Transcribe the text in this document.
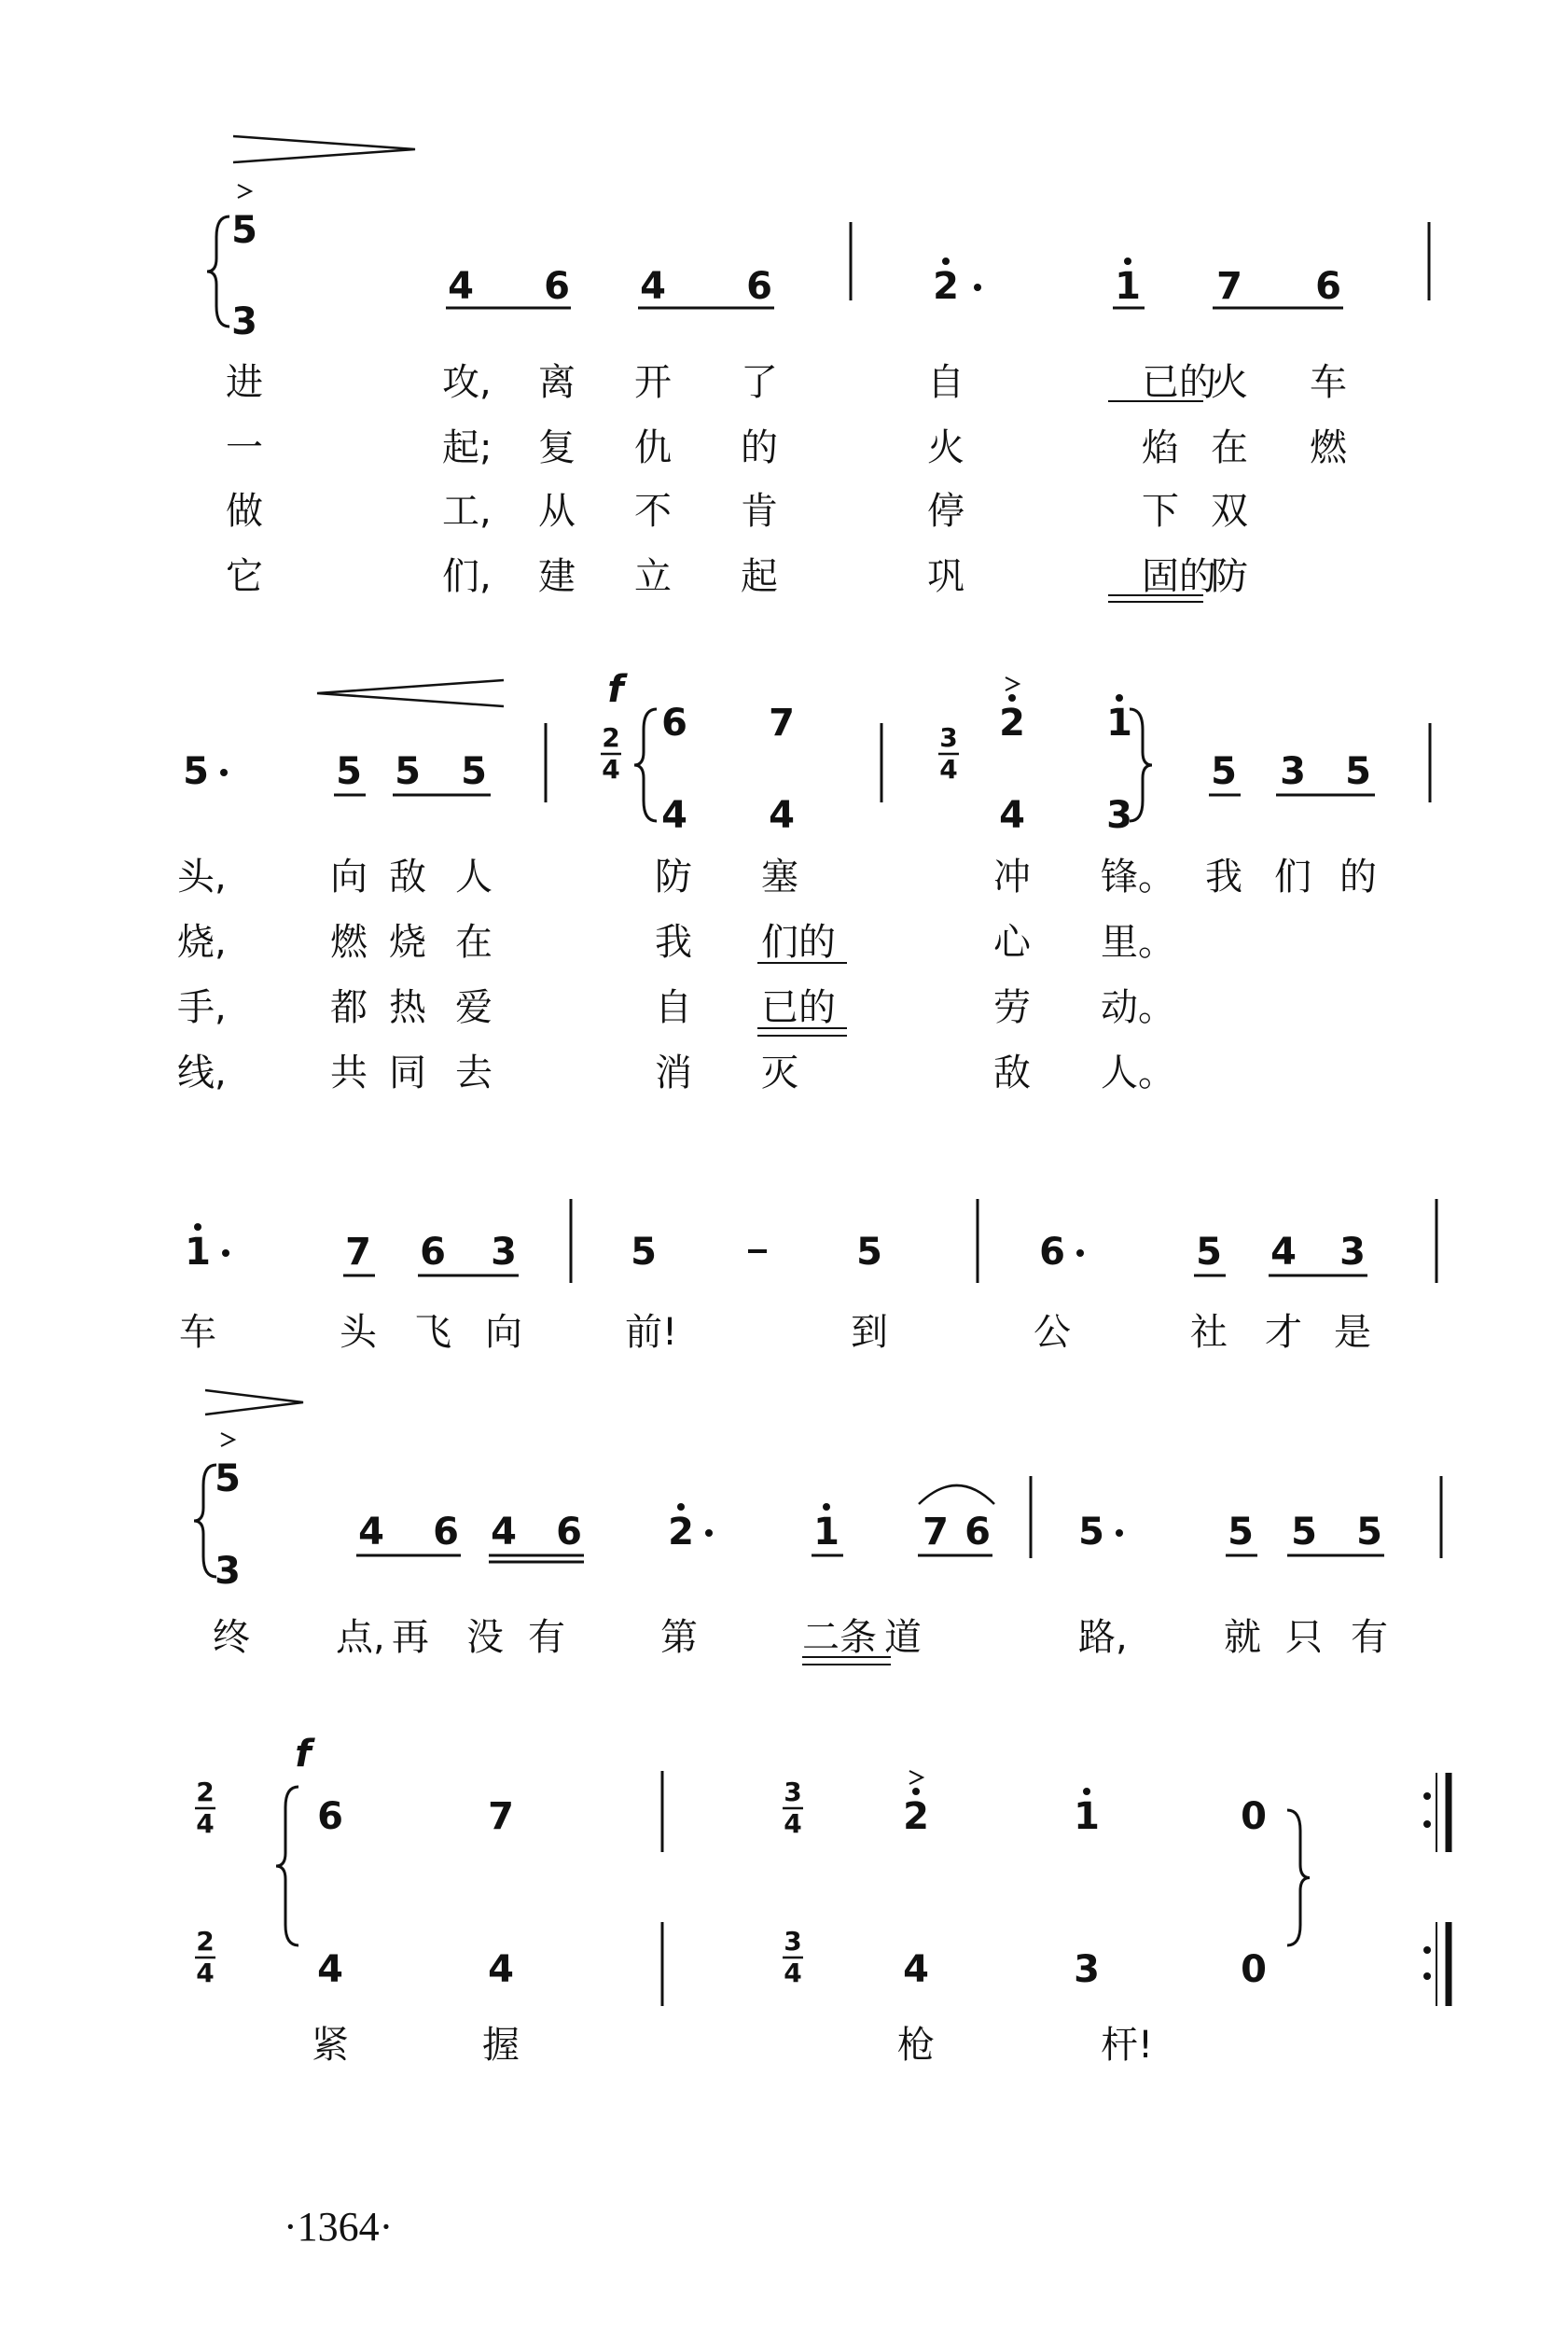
5
3
4 6 4 6	2	1 7 6
f
5	5 5 5
2
4
6
4
7
4
3
4
2
4
1
3
5 3 5
1	7 6 3	5	5	6	5 4 3
5
3
4 6 4 6 2	1 7 6 5	5 5 5
f
2
4
2
4
6
4
7
4
3
4
3
4
2
4
1
3
0
0
·1364·
进	攻, 离 开 了	自	已的
火 车
一	起; 复 仇 的	火	焰 在 燃
做	工, 从 不 肯	停	下 双
它	们, 建 立 起	巩	固的
防
头,	向 敌 人	防 塞	冲 锋。 我 们 的
烧,	燃 烧 在	我 们的	心 里。
手,	都 热 爱	自 已的	劳 动。
线,	共 同 去	消 灭	敌 人。
车	头 飞 向	前!	到	公	社 才 是
终 点, 再 没 有	第	二条 道	路,	就 只 有
紧	握	枪	杆!
